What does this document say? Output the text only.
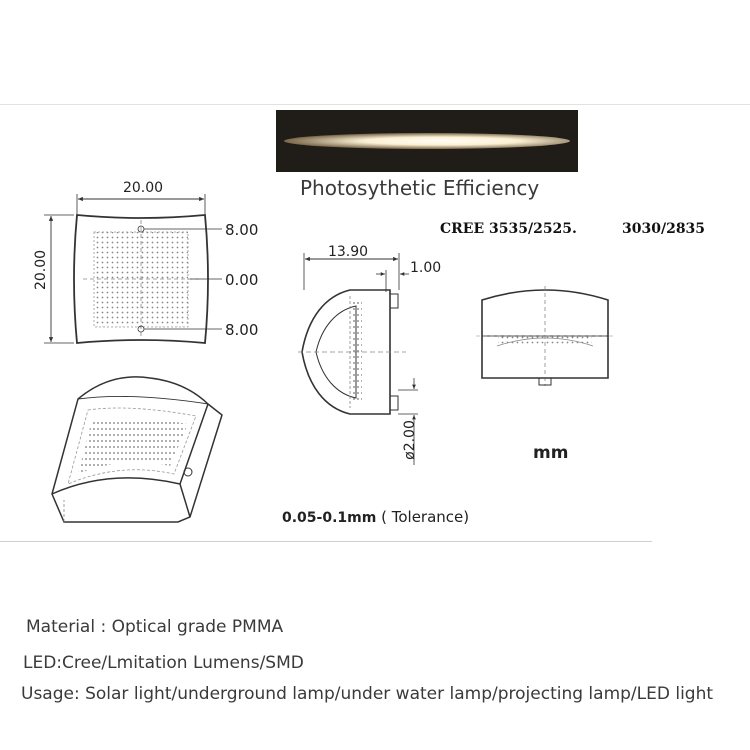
Photosythetic Efficiency
CREE 3535/2525.	3030/2835
20.00
20.00
8.00
0.00
8.00
13.90
1.00
ø2.00	mm
0.05-0.1mm ( Tolerance)
Material : Optical grade PMMA
LED:Cree/Lmitation Lumens/SMD
Usage: Solar light/underground lamp/under water lamp/projecting lamp/LED light
